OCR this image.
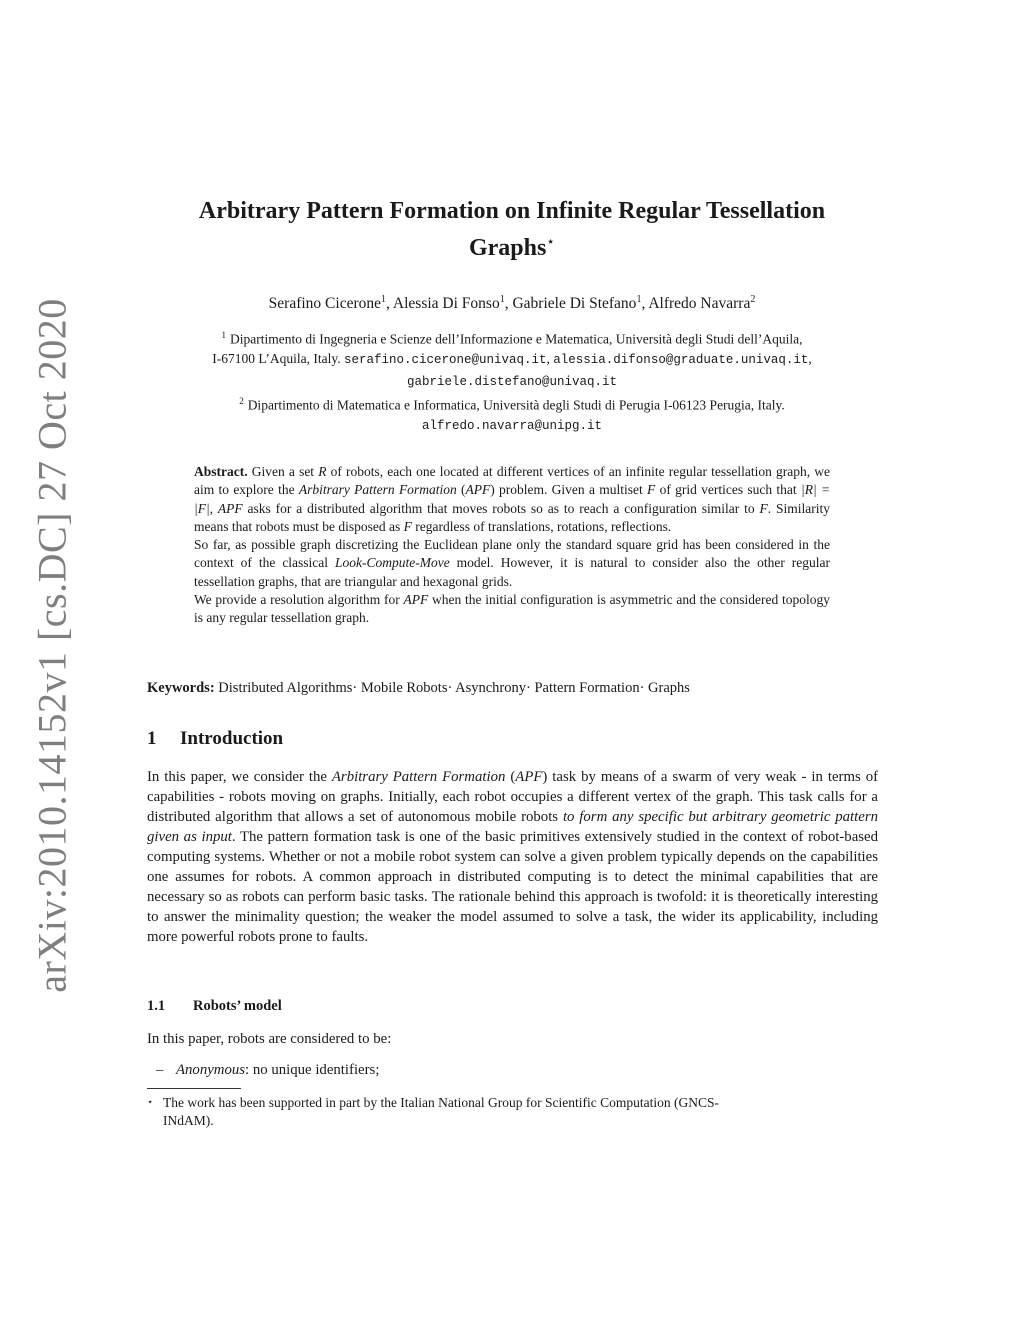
arXiv:2010.14152v1 [cs.DC] 27 Oct 2020
Arbitrary Pattern Formation on Infinite Regular Tessellation
Graphs⋆
Serafino Cicerone$^1$, Alessia Di Fonso$^1$, Gabriele Di Stefano$^1$, Alfredo Navarra$^2$
$^1$ Dipartimento di Ingegneria e Scienze dell’Informazione e Matematica, Università degli Studi dell’Aquila,
I-67100 L’Aquila, Italy. serafino.cicerone@univaq.it, alessia.difonso@graduate.univaq.it,
gabriele.distefano@univaq.it
$^2$ Dipartimento di Matematica e Informatica, Università degli Studi di Perugia I-06123 Perugia, Italy.
alfredo.navarra@unipg.it

Abstract. Given a set R of robots, each one located at different vertices of an infinite regular tessellation graph, we aim to explore the Arbitrary Pattern Formation (APF) problem. Given a multiset F of grid vertices such that |R| = |F|, APF asks for a distributed algorithm that moves robots so as to reach a configuration similar to F. Similarity means that robots must be disposed as F regardless of translations, rotations, reflections.

So far, as possible graph discretizing the Euclidean plane only the standard square grid has been considered in the context of the classical Look-Compute-Move model. However, it is natural to consider also the other regular tessellation graphs, that are triangular and hexagonal grids.

We provide a resolution algorithm for APF when the initial configuration is asymmetric and the considered topology is any regular tessellation graph.

Keywords: Distributed Algorithms· Mobile Robots· Asynchrony· Pattern Formation· Graphs
1 Introduction
In this paper, we consider the Arbitrary Pattern Formation (APF) task by means of a swarm of very weak - in terms of capabilities - robots moving on graphs. Initially, each robot occupies a different vertex of the graph. This task calls for a distributed algorithm that allows a set of autonomous mobile robots to form any specific but arbitrary geometric pattern given as input. The pattern formation task is one of the basic primitives extensively studied in the context of robot-based computing systems. Whether or not a mobile robot system can solve a given problem typically depends on the capabilities one assumes for robots. A common approach in distributed computing is to detect the minimal capabilities that are necessary so as robots can perform basic tasks. The rationale behind this approach is twofold: it is theoretically interesting to answer the minimality question; the weaker the model assumed to solve a task, the wider its applicability, including more powerful robots prone to faults.
1.1 Robots’ model
In this paper, robots are considered to be:
– Anonymous: no unique identifiers;
⋆ The work has been supported in part by the Italian National Group for Scientific Computation (GNCS-
INdAM).
